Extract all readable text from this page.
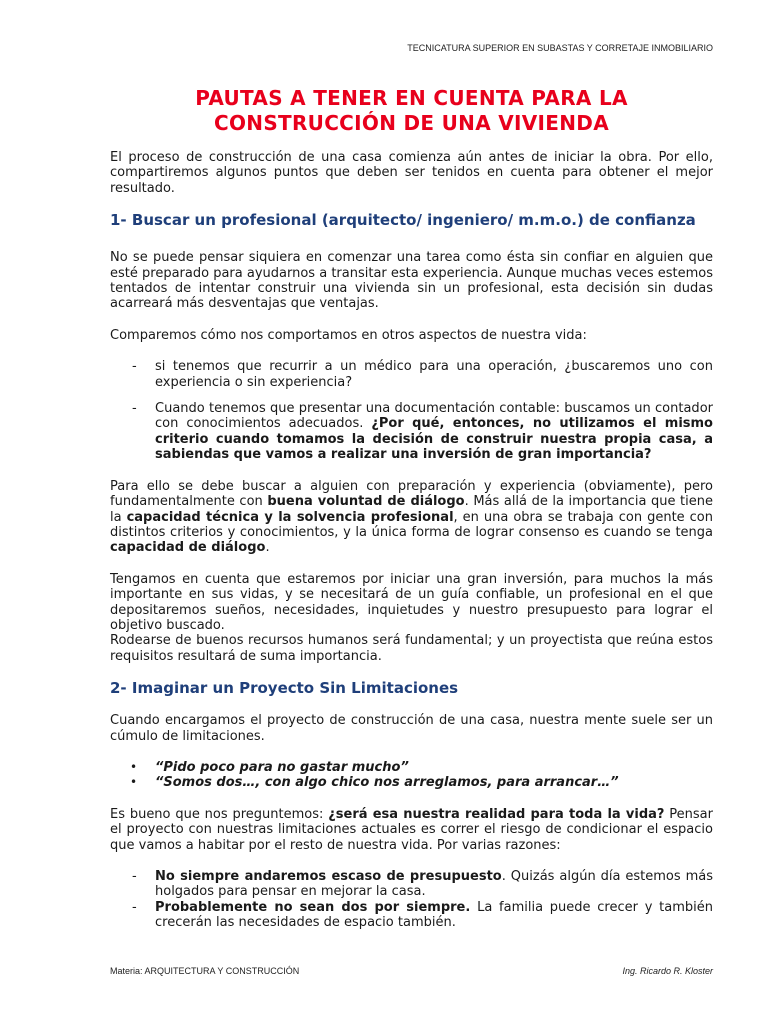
TECNICATURA SUPERIOR EN SUBASTAS Y CORRETAJE INMOBILIARIO
PAUTAS A TENER EN CUENTA PARA LA CONSTRUCCIÓN DE UNA VIVIENDA

El proceso de construcción de una casa comienza aún antes de iniciar la obra. Por ello, compartiremos algunos puntos que deben ser tenidos en cuenta para obtener el mejor resultado.

1- Buscar un profesional (arquitecto/ ingeniero/ m.m.o.) de confianza

No se puede pensar siquiera en comenzar una tarea como ésta sin confiar en alguien que esté preparado para ayudarnos a transitar esta experiencia. Aunque muchas veces estemos tentados de intentar construir una vivienda sin un profesional, esta decisión sin dudas acarreará más desventajas que ventajas.

Comparemos cómo nos comportamos en otros aspectos de nuestra vida:

- si tenemos que recurrir a un médico para una operación, ¿buscaremos uno con experiencia o sin experiencia?
- Cuando tenemos que presentar una documentación contable: buscamos un contador con conocimientos adecuados. ¿Por qué, entonces, no utilizamos el mismo criterio cuando tomamos la decisión de construir nuestra propia casa, a sabiendas que vamos a realizar una inversión de gran importancia?

Para ello se debe buscar a alguien con preparación y experiencia (obviamente), pero fundamentalmente con buena voluntad de diálogo. Más allá de la importancia que tiene la capacidad técnica y la solvencia profesional, en una obra se trabaja con gente con distintos criterios y conocimientos, y la única forma de lograr consenso es cuando se tenga capacidad de diálogo.

Tengamos en cuenta que estaremos por iniciar una gran inversión, para muchos la más importante en sus vidas, y se necesitará de un guía confiable, un profesional en el que depositaremos sueños, necesidades, inquietudes y nuestro presupuesto para lograr el objetivo buscado.

Rodearse de buenos recursos humanos será fundamental; y un proyectista que reúna estos requisitos resultará de suma importancia.

2- Imaginar un Proyecto Sin Limitaciones

Cuando encargamos el proyecto de construcción de una casa, nuestra mente suele ser un cúmulo de limitaciones.

• “Pido poco para no gastar mucho”
• “Somos dos…, con algo chico nos arreglamos, para arrancar…”

Es bueno que nos preguntemos: ¿será esa nuestra realidad para toda la vida? Pensar el proyecto con nuestras limitaciones actuales es correr el riesgo de condicionar el espacio que vamos a habitar por el resto de nuestra vida. Por varias razones:

- No siempre andaremos escaso de presupuesto. Quizás algún día estemos más holgados para pensar en mejorar la casa.
- Probablemente no sean dos por siempre. La familia puede crecer y también crecerán las necesidades de espacio también.
Materia: ARQUITECTURA Y CONSTRUCCIÓN	Ing. Ricardo R. Kloster
